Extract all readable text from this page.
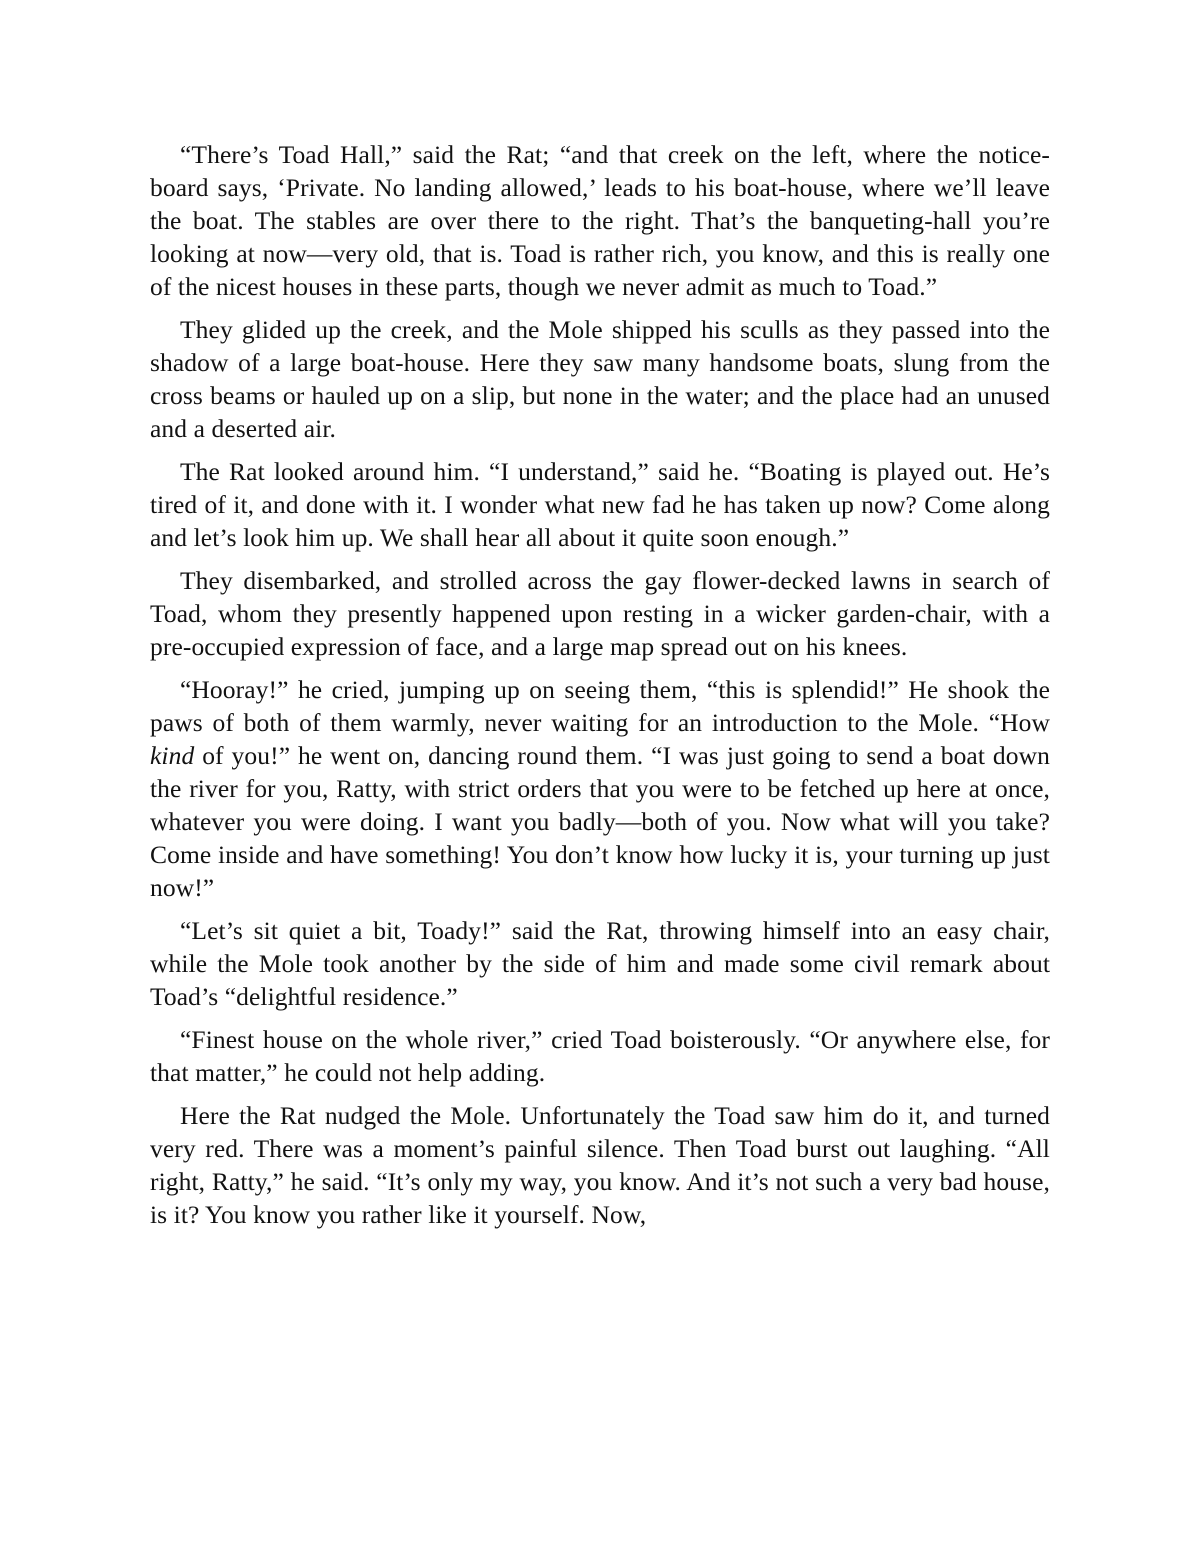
“There’s Toad Hall,” said the Rat; “and that creek on the left, where the notice-board says, ‘Private. No landing allowed,’ leads to his boat-house, where we’ll leave the boat. The stables are over there to the right. That’s the banqueting-hall you’re looking at now—very old, that is. Toad is rather rich, you know, and this is really one of the nicest houses in these parts, though we never admit as much to Toad.”

They glided up the creek, and the Mole shipped his sculls as they passed into the shadow of a large boat-house. Here they saw many handsome boats, slung from the cross beams or hauled up on a slip, but none in the water; and the place had an unused and a deserted air.

The Rat looked around him. “I understand,” said he. “Boating is played out. He’s tired of it, and done with it. I wonder what new fad he has taken up now? Come along and let’s look him up. We shall hear all about it quite soon enough.”

They disembarked, and strolled across the gay flower-decked lawns in search of Toad, whom they presently happened upon resting in a wicker garden-chair, with a pre-occupied expression of face, and a large map spread out on his knees.

“Hooray!” he cried, jumping up on seeing them, “this is splendid!” He shook the paws of both of them warmly, never waiting for an introduction to the Mole. “How kind of you!” he went on, dancing round them. “I was just going to send a boat down the river for you, Ratty, with strict orders that you were to be fetched up here at once, whatever you were doing. I want you badly—both of you. Now what will you take? Come inside and have something! You don’t know how lucky it is, your turning up just now!”

“Let’s sit quiet a bit, Toady!” said the Rat, throwing himself into an easy chair, while the Mole took another by the side of him and made some civil remark about Toad’s “delightful residence.”

“Finest house on the whole river,” cried Toad boisterously. “Or anywhere else, for that matter,” he could not help adding.

Here the Rat nudged the Mole. Unfortunately the Toad saw him do it, and turned very red. There was a moment’s painful silence. Then Toad burst out laughing. “All right, Ratty,” he said. “It’s only my way, you know. And it’s not such a very bad house, is it? You know you rather like it yourself. Now,
